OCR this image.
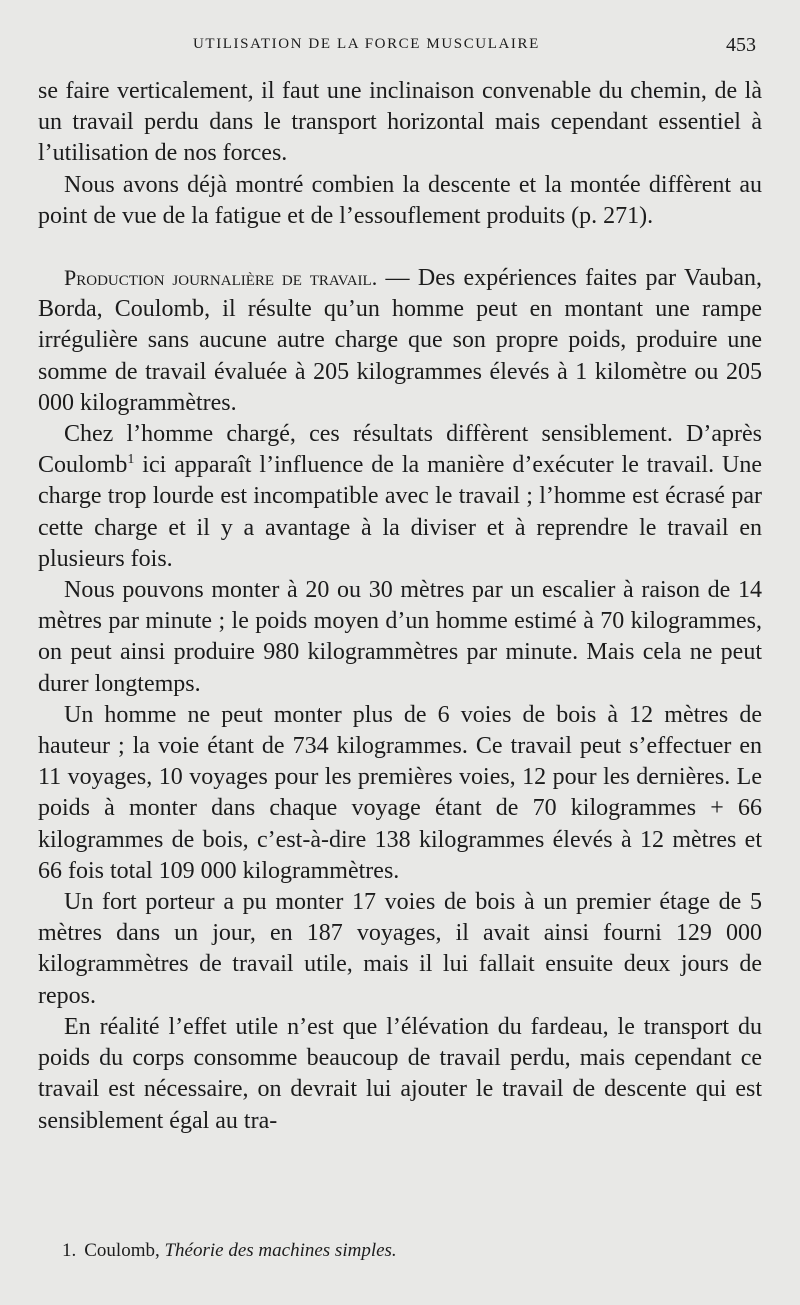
UTILISATION DE LA FORCE MUSCULAIRE	453

se faire verticalement, il faut une inclinaison convenable du chemin, de là un travail perdu dans le transport horizontal mais cependant essentiel à l’utilisation de nos forces.

Nous avons déjà montré combien la descente et la montée diffèrent au point de vue de la fatigue et de l’essouflement produits (p. 271).

Production journalière de travail. — Des expériences faites par Vauban, Borda, Coulomb, il résulte qu’un homme peut en montant une rampe irrégulière sans aucune autre charge que son propre poids, produire une somme de travail évaluée à 205 kilogrammes élevés à 1 kilomètre ou 205 000 kilogrammètres.

Chez l’homme chargé, ces résultats diffèrent sensiblement. D’après Coulomb$^1$ ici apparaît l’influence de la manière d’exécuter le travail. Une charge trop lourde est incompatible avec le travail ; l’homme est écrasé par cette charge et il y a avantage à la diviser et à reprendre le travail en plusieurs fois.

Nous pouvons monter à 20 ou 30 mètres par un escalier à raison de 14 mètres par minute ; le poids moyen d’un homme estimé à 70 kilogrammes, on peut ainsi produire 980 kilogrammètres par minute. Mais cela ne peut durer longtemps.

Un homme ne peut monter plus de 6 voies de bois à 12 mètres de hauteur ; la voie étant de 734 kilogrammes. Ce travail peut s’effectuer en 11 voyages, 10 voyages pour les premières voies, 12 pour les dernières. Le poids à monter dans chaque voyage étant de 70 kilogrammes + 66 kilogrammes de bois, c’est-à-dire 138 kilogrammes élevés à 12 mètres et 66 fois total 109 000 kilogrammètres.

Un fort porteur a pu monter 17 voies de bois à un premier étage de 5 mètres dans un jour, en 187 voyages, il avait ainsi fourni 129 000 kilogrammètres de travail utile, mais il lui fallait ensuite deux jours de repos.

En réalité l’effet utile n’est que l’élévation du fardeau, le transport du poids du corps consomme beaucoup de travail perdu, mais cependant ce travail est nécessaire, on devrait lui ajouter le travail de descente qui est sensiblement égal au tra-

1. Coulomb, Théorie des machines simples.
